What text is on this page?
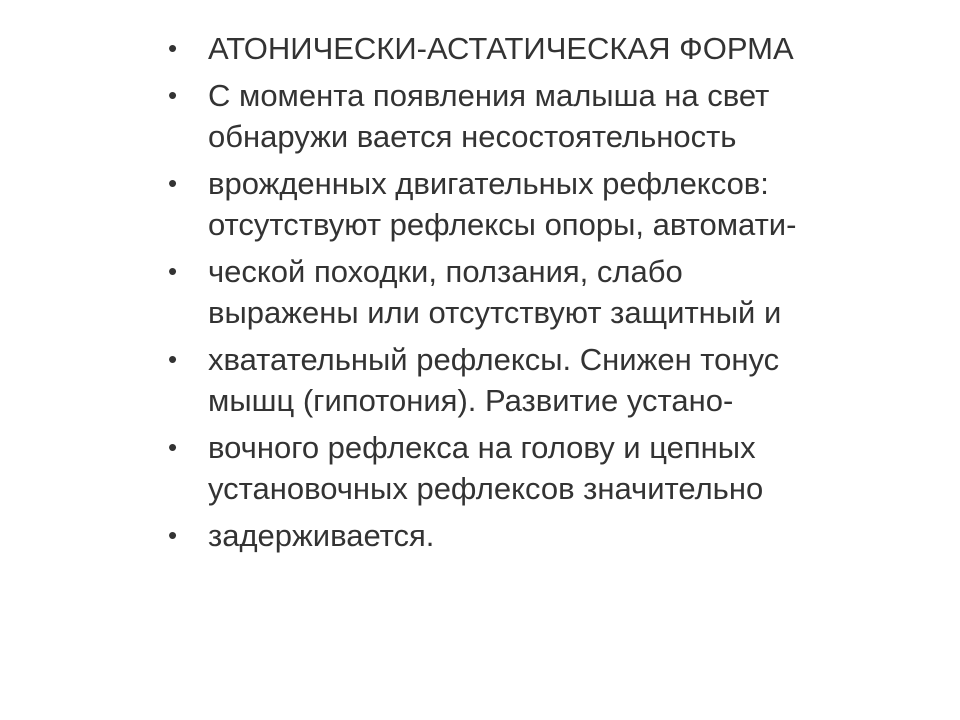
• АТОНИЧЕСКИ-АСТАТИЧЕСКАЯ ФОРМА
• С момента появления малыша на свет
обнаружи вается несостоятельность
• врожденных двигательных рефлексов:
отсутствуют рефлексы опоры, автомати-
• ческой походки, ползания, слабо
выражены или отсутствуют защитный и
• хватательный рефлексы. Снижен тонус
мышц (гипотония). Развитие устано-
• вочного рефлекса на голову и цепных
установочных рефлексов значительно
• задерживается.
